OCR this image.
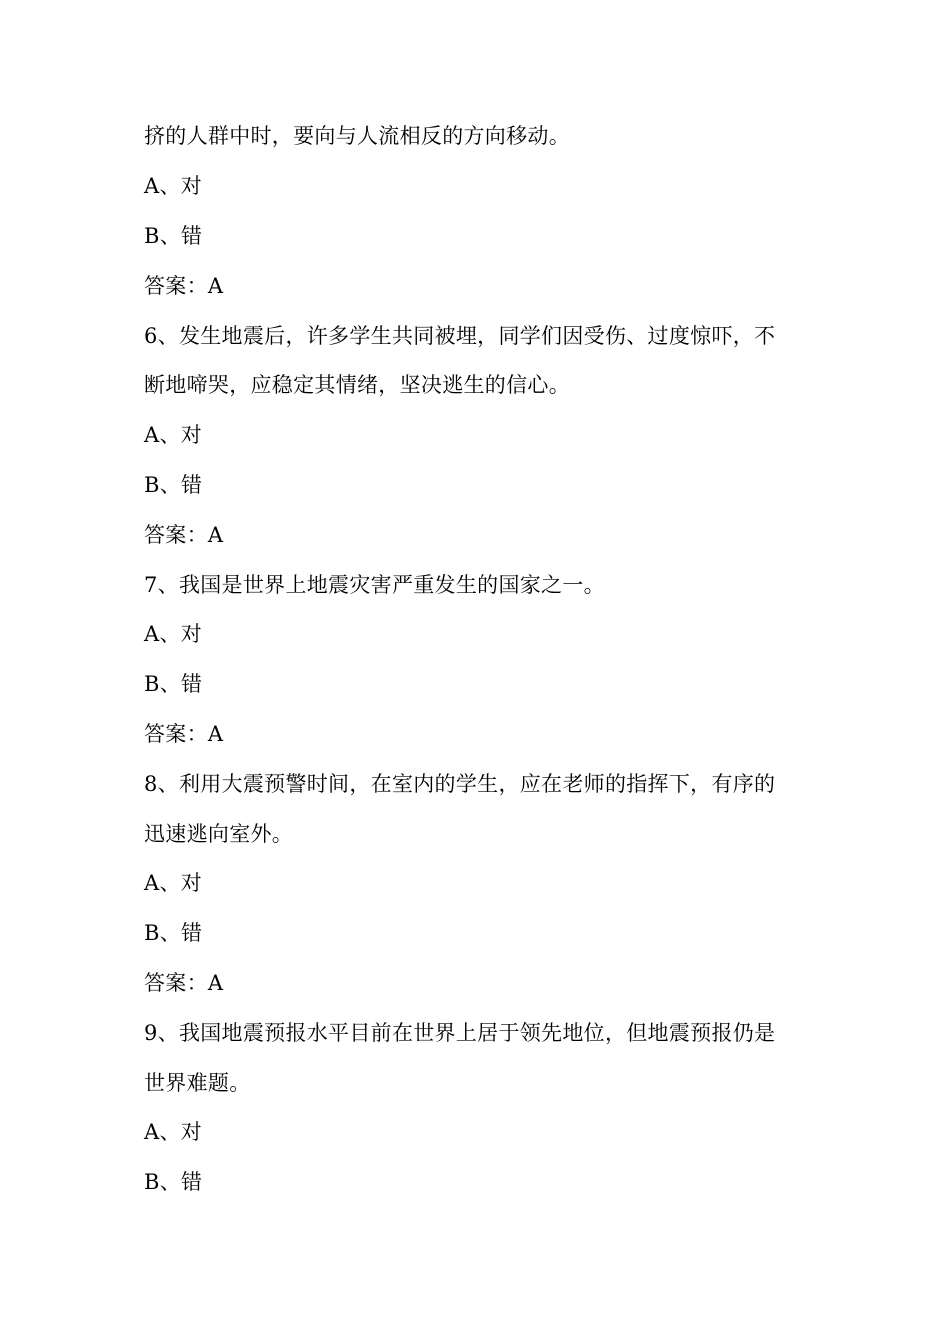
挤的人群中时，要向与人流相反的方向移动。
A、对
B、错
答案：A
6、发生地震后，许多学生共同被埋，同学们因受伤、过度惊吓，不
断地啼哭，应稳定其情绪，坚决逃生的信心。
A、对
B、错
答案：A
7、我国是世界上地震灾害严重发生的国家之一。
A、对
B、错
答案：A
8、利用大震预警时间，在室内的学生，应在老师的指挥下，有序的
迅速逃向室外。
A、对
B、错
答案：A
9、我国地震预报水平目前在世界上居于领先地位，但地震预报仍是
世界难题。
A、对
B、错
